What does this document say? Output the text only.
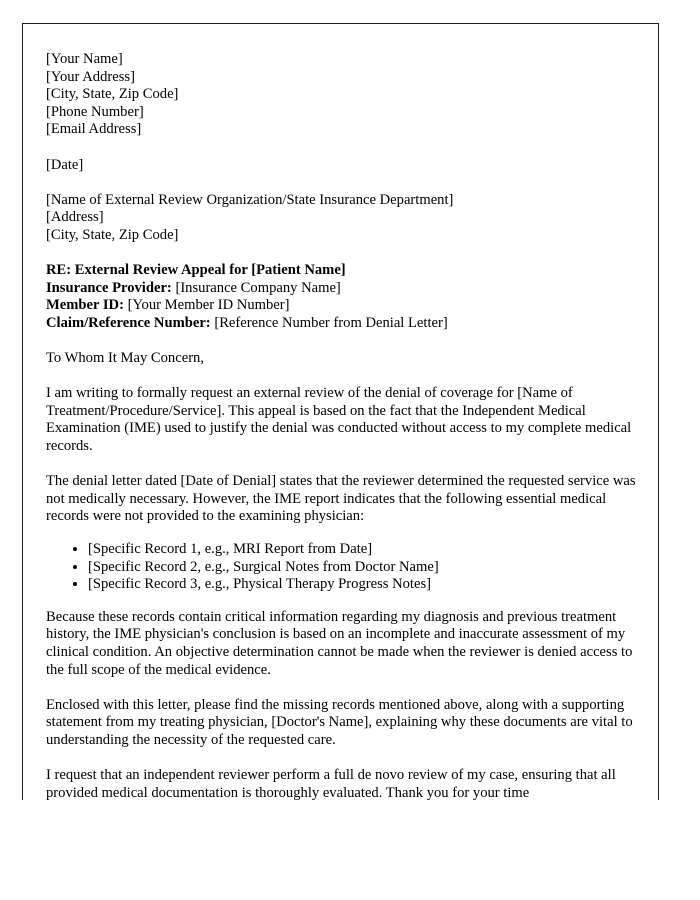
[Your Name]
[Your Address]
[City, State, Zip Code]
[Phone Number]
[Email Address]
[Date]
[Name of External Review Organization/State Insurance Department]
[Address]
[City, State, Zip Code]
RE: External Review Appeal for [Patient Name]
Insurance Provider: [Insurance Company Name]
Member ID: [Your Member ID Number]
Claim/Reference Number: [Reference Number from Denial Letter]

To Whom It May Concern,

I am writing to formally request an external review of the denial of coverage for [Name of Treatment/Procedure/Service]. This appeal is based on the fact that the Independent Medical Examination (IME) used to justify the denial was conducted without access to my complete medical records.

The denial letter dated [Date of Denial] states that the reviewer determined the requested service was not medically necessary. However, the IME report indicates that the following essential medical records were not provided to the examining physician:

• [Specific Record 1, e.g., MRI Report from Date]
• [Specific Record 2, e.g., Surgical Notes from Doctor Name]
• [Specific Record 3, e.g., Physical Therapy Progress Notes]

Because these records contain critical information regarding my diagnosis and previous treatment history, the IME physician's conclusion is based on an incomplete and inaccurate assessment of my clinical condition. An objective determination cannot be made when the reviewer is denied access to the full scope of the medical evidence.

Enclosed with this letter, please find the missing records mentioned above, along with a supporting statement from my treating physician, [Doctor's Name], explaining why these documents are vital to understanding the necessity of the requested care.

I request that an independent reviewer perform a full de novo review of my case, ensuring that all provided medical documentation is thoroughly evaluated. Thank you for your time
